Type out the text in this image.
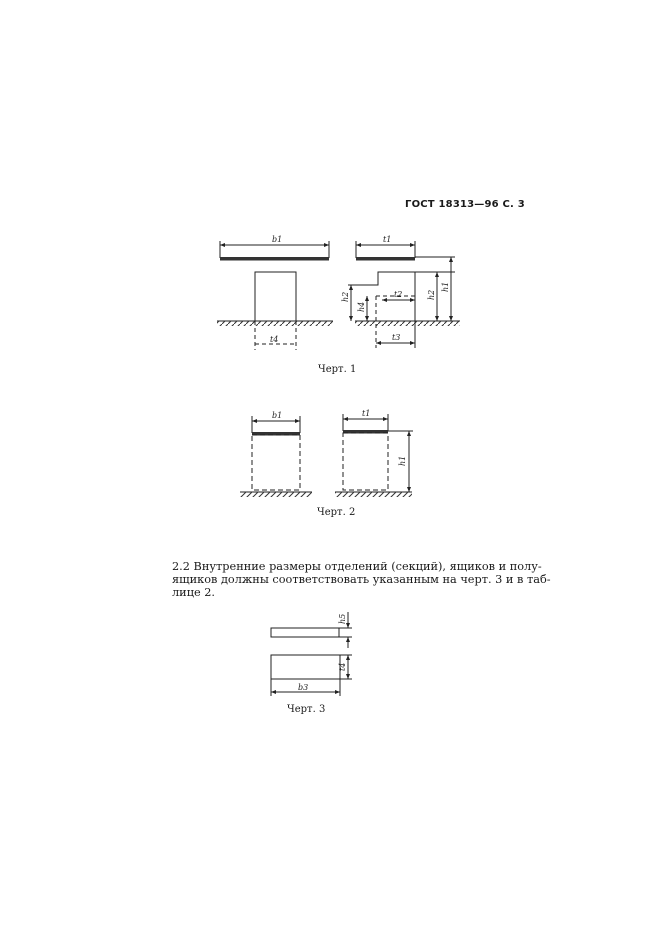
ГОСТ 18313—96 С. 3
b1	t1
h1
h2	h2
h4
t2
t3
t4
b1	t1
h1
h5
t4
b3
Черт. 1
Черт. 2
2.2 Внутренние размеры отделений (секций), ящиков и полу-
ящиков должны соответствовать указанным на черт. 3 и в таб-
лице 2.
Черт. 3
